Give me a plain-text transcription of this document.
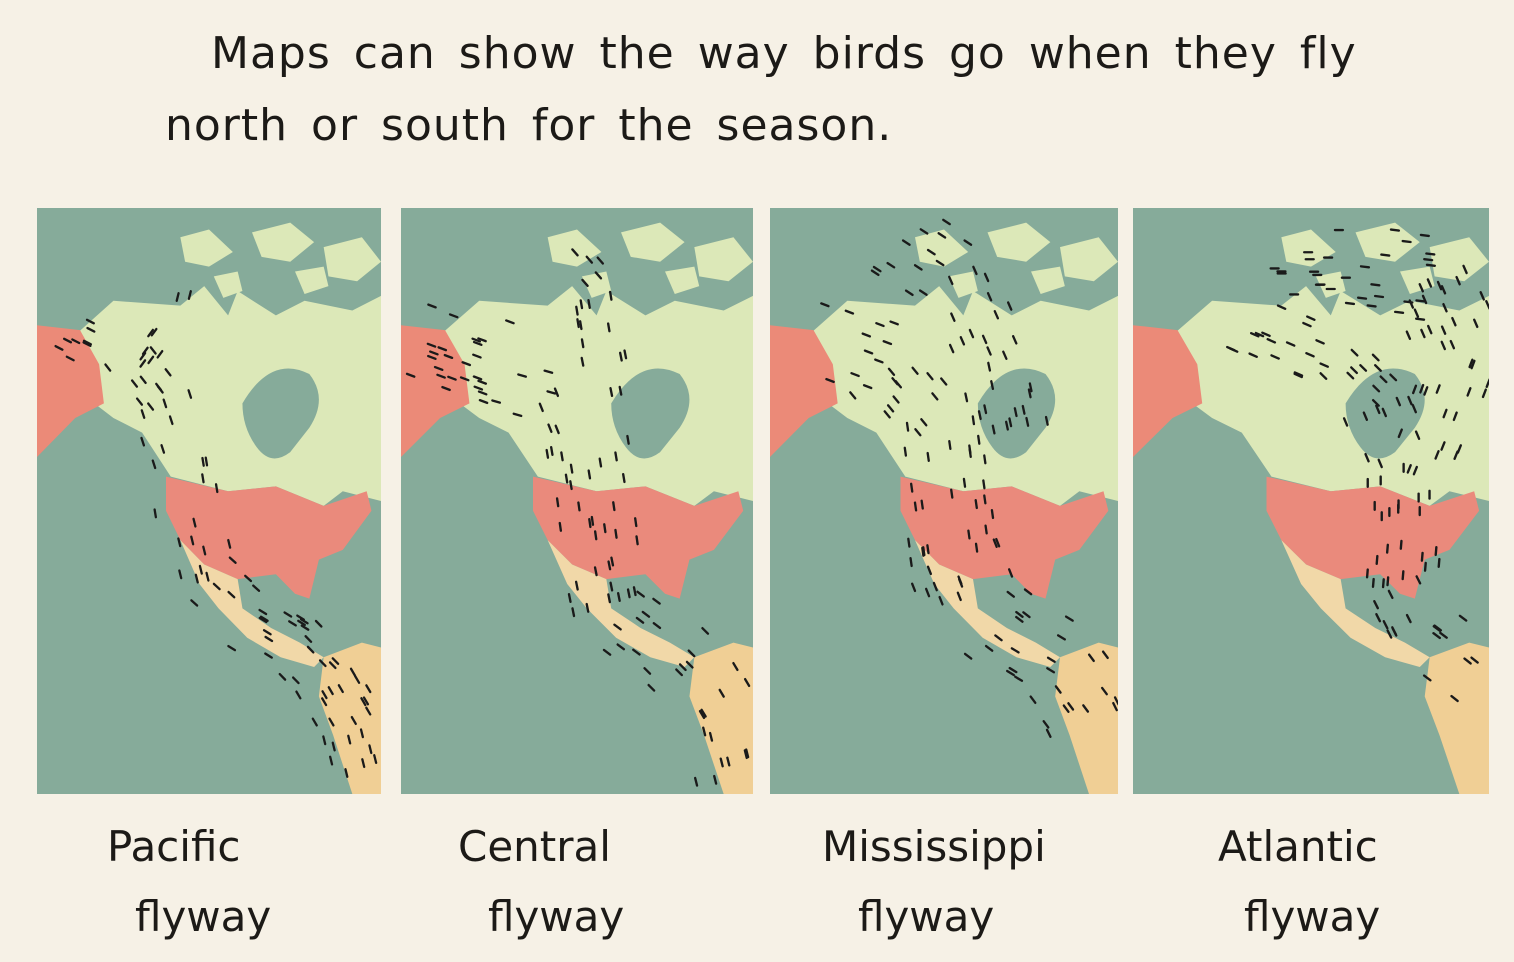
Maps can show the way birds go when they fly
north or south for the season.
Pacific
flyway
Central
flyway
Mississippi
flyway
Atlantic
flyway
